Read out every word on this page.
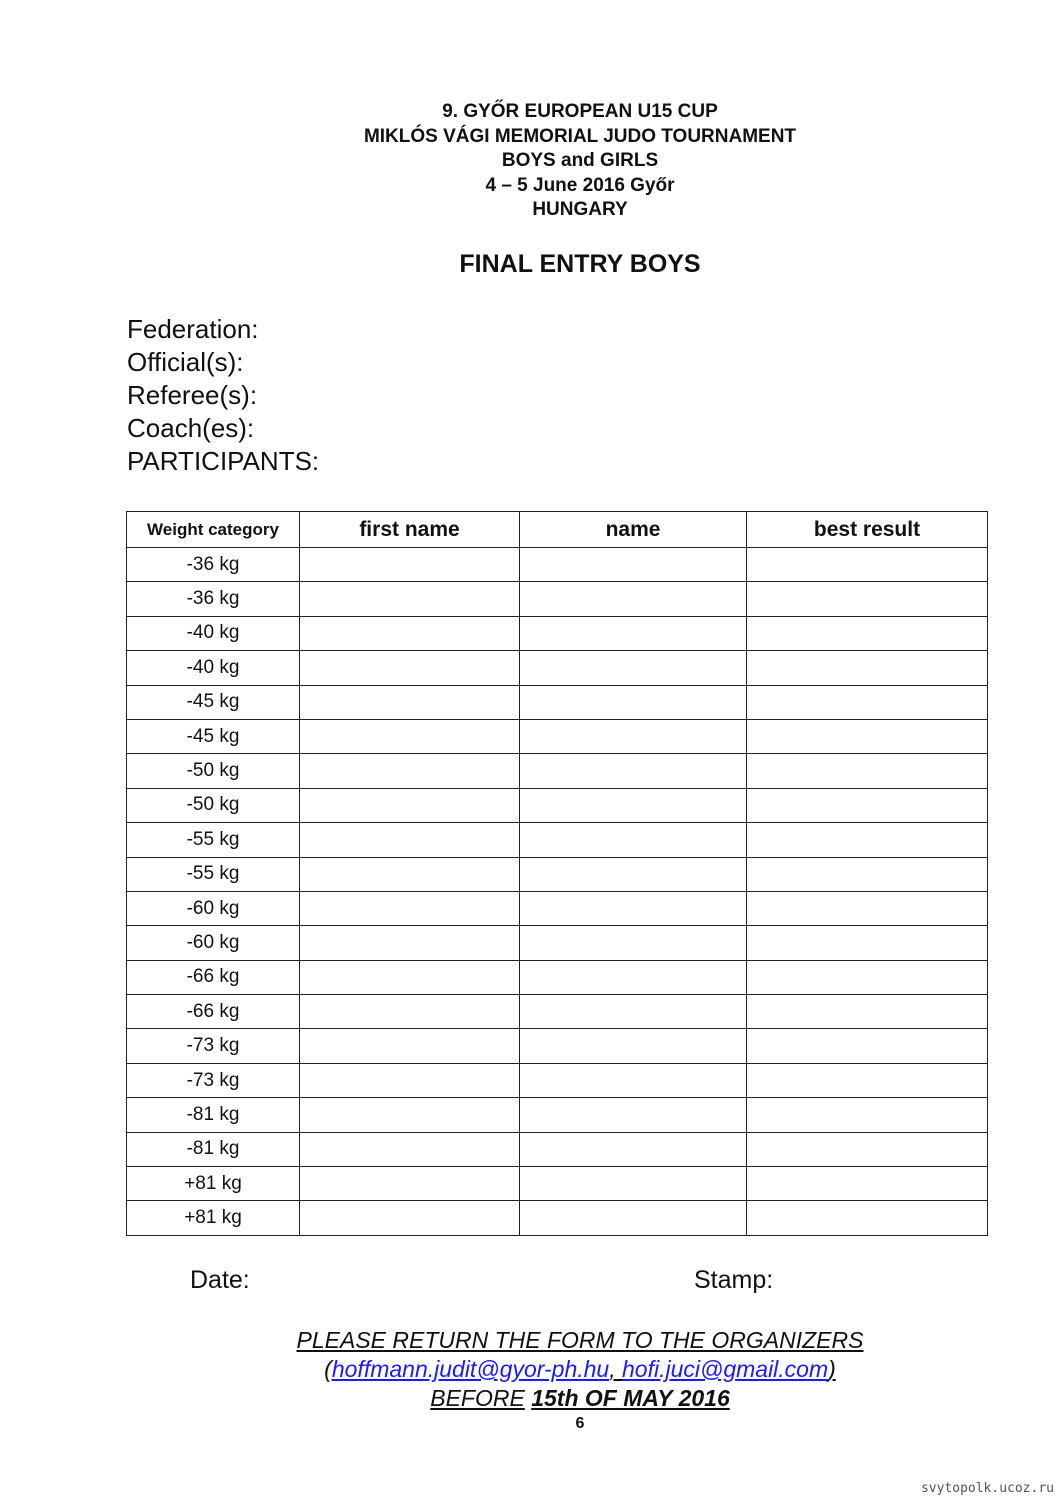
9. GYŐR EUROPEAN U15 CUP
MIKLÓS VÁGI MEMORIAL JUDO TOURNAMENT
BOYS and GIRLS
4 – 5 June 2016 Győr
HUNGARY
FINAL ENTRY BOYS
Federation:
Official(s):
Referee(s):
Coach(es):
PARTICIPANTS:
Weight category	first name	name	best result
-36 kg			
-36 kg			
-40 kg			
-40 kg			
-45 kg			
-45 kg			
-50 kg			
-50 kg			
-55 kg			
-55 kg			
-60 kg			
-60 kg			
-66 kg			
-66 kg			
-73 kg			
-73 kg			
-81 kg			
-81 kg			
+81 kg			
+81 kg			
Date:	Stamp:
PLEASE RETURN THE FORM TO THE ORGANIZERS
(hoffmann.judit@gyor-ph.hu, hofi.juci@gmail.com)
BEFORE 15th OF MAY 2016
6
svytopolk.ucoz.ru
